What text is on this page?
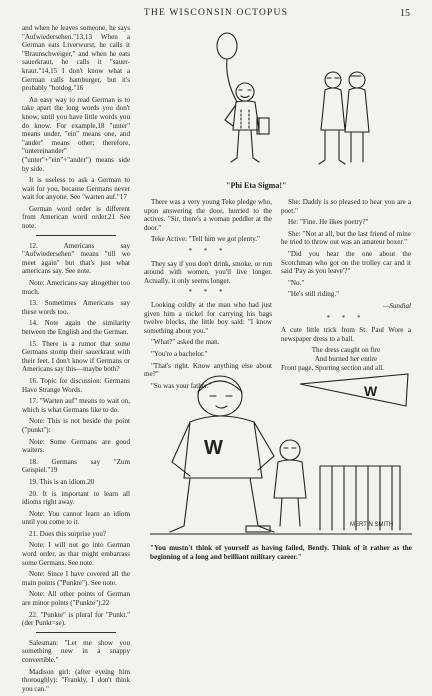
THE WISCONSIN OCTOPUS	15

and when he leaves someone, he says "Aufwiedersehen."13,13 When a German eats Liverwurst, he calls it "Braunschweiger," and when he eats sauerkraut, he calls it "sauer-kraut."14,15 I don't know what a German calls hamburger, but it's probably "hotdog."16

An easy way to read German is to take apart the long words you don't know, until you have little words you do know. For example,18 "unter" means under, "ein" means one, and "ander" means other; therefore, "untereinander" ("unter"+"ein"+"ander") means side by side.

It is useless to ask a German to wait for you, because Germans never wait for anyone. See "warten auf."17

German word order is different from American word order.21 See note.

12. Americans say "Aufwiedersehen" means "till we meet again" but that's just what americans say. See note.

Note: Americans say altogether too much.

13. Sometimes Americans say these words too.

14. Note again the similarity between the English and the German.

15. There is a rumor that some Germans stomp their sauerkraut with their feet. I don't know if Germans or Americans say this—maybe both?

16. Topic for discussion: Germans Have Strange Words.

17. "Warten auf" means to wait on, which is what Germans like to do.

Note: This is not beside the point ("punkt"):

Note: Some Germans are good waiters.

18. Germans say "Zum Geispiel."19

19. This is an idiom.20

20. It is important to learn all idioms right away.

Note: You cannot learn an idiom until you come to it.

21. Does this surprise you?

Note: I will not go into German word order, as that might embarrass some Germans. See note.

Note: Since I have covered all the main points ("Punkte"). See note.

Note: All other points of German are minor points ("Punkte").22

22. "Punkte" is plural for "Punkt." (der Punkt=se).

Salesman: "Let me show you something new in a snappy convertible."

Madison girl: (after eyeing him thoroughly): "Frankly, I don't think you can."

"Phi Eta Sigma!"

There was a very young Teke pledge who, upon answering the door, hurried to the actives. "Sir, there's a woman peddler at the door."

Teke Active: "Tell him we got plenty."

* * *

They say if you don't drink, smoke, or run around with women, you'll live longer. Actually, it only seems longer.

* * *

Looking coldly at the man who had just given him a nickel for carrying his bags twelve blocks, the little boy said: "I know something about you."

"What?" asked the man.

"You're a bachelor."

"That's right. Know anything else about me?"

"So was your father."

She: Daddy is so pleased to hear you are a poet."

He: "Fine. He likes poetry?"

She: "Not at all, but the last friend of mine he tried to throw out was an amateur boxer."

"Did you hear the one about the Scotchman who got on the trolley car and it said 'Pay as you leave'?"

"No."

"He's still riding."

—Sundial
* * *

A cute little trick from St. Paul Wore a newspaper dress to a ball.

The dress caught on fire
And burned her entire

Front page, Sporting section and all.

W
W
MERTIN SMITH
"You mustn't think of yourself as having failed, Bently. Think of it rather as the beginning of a long and brilliant military career."
